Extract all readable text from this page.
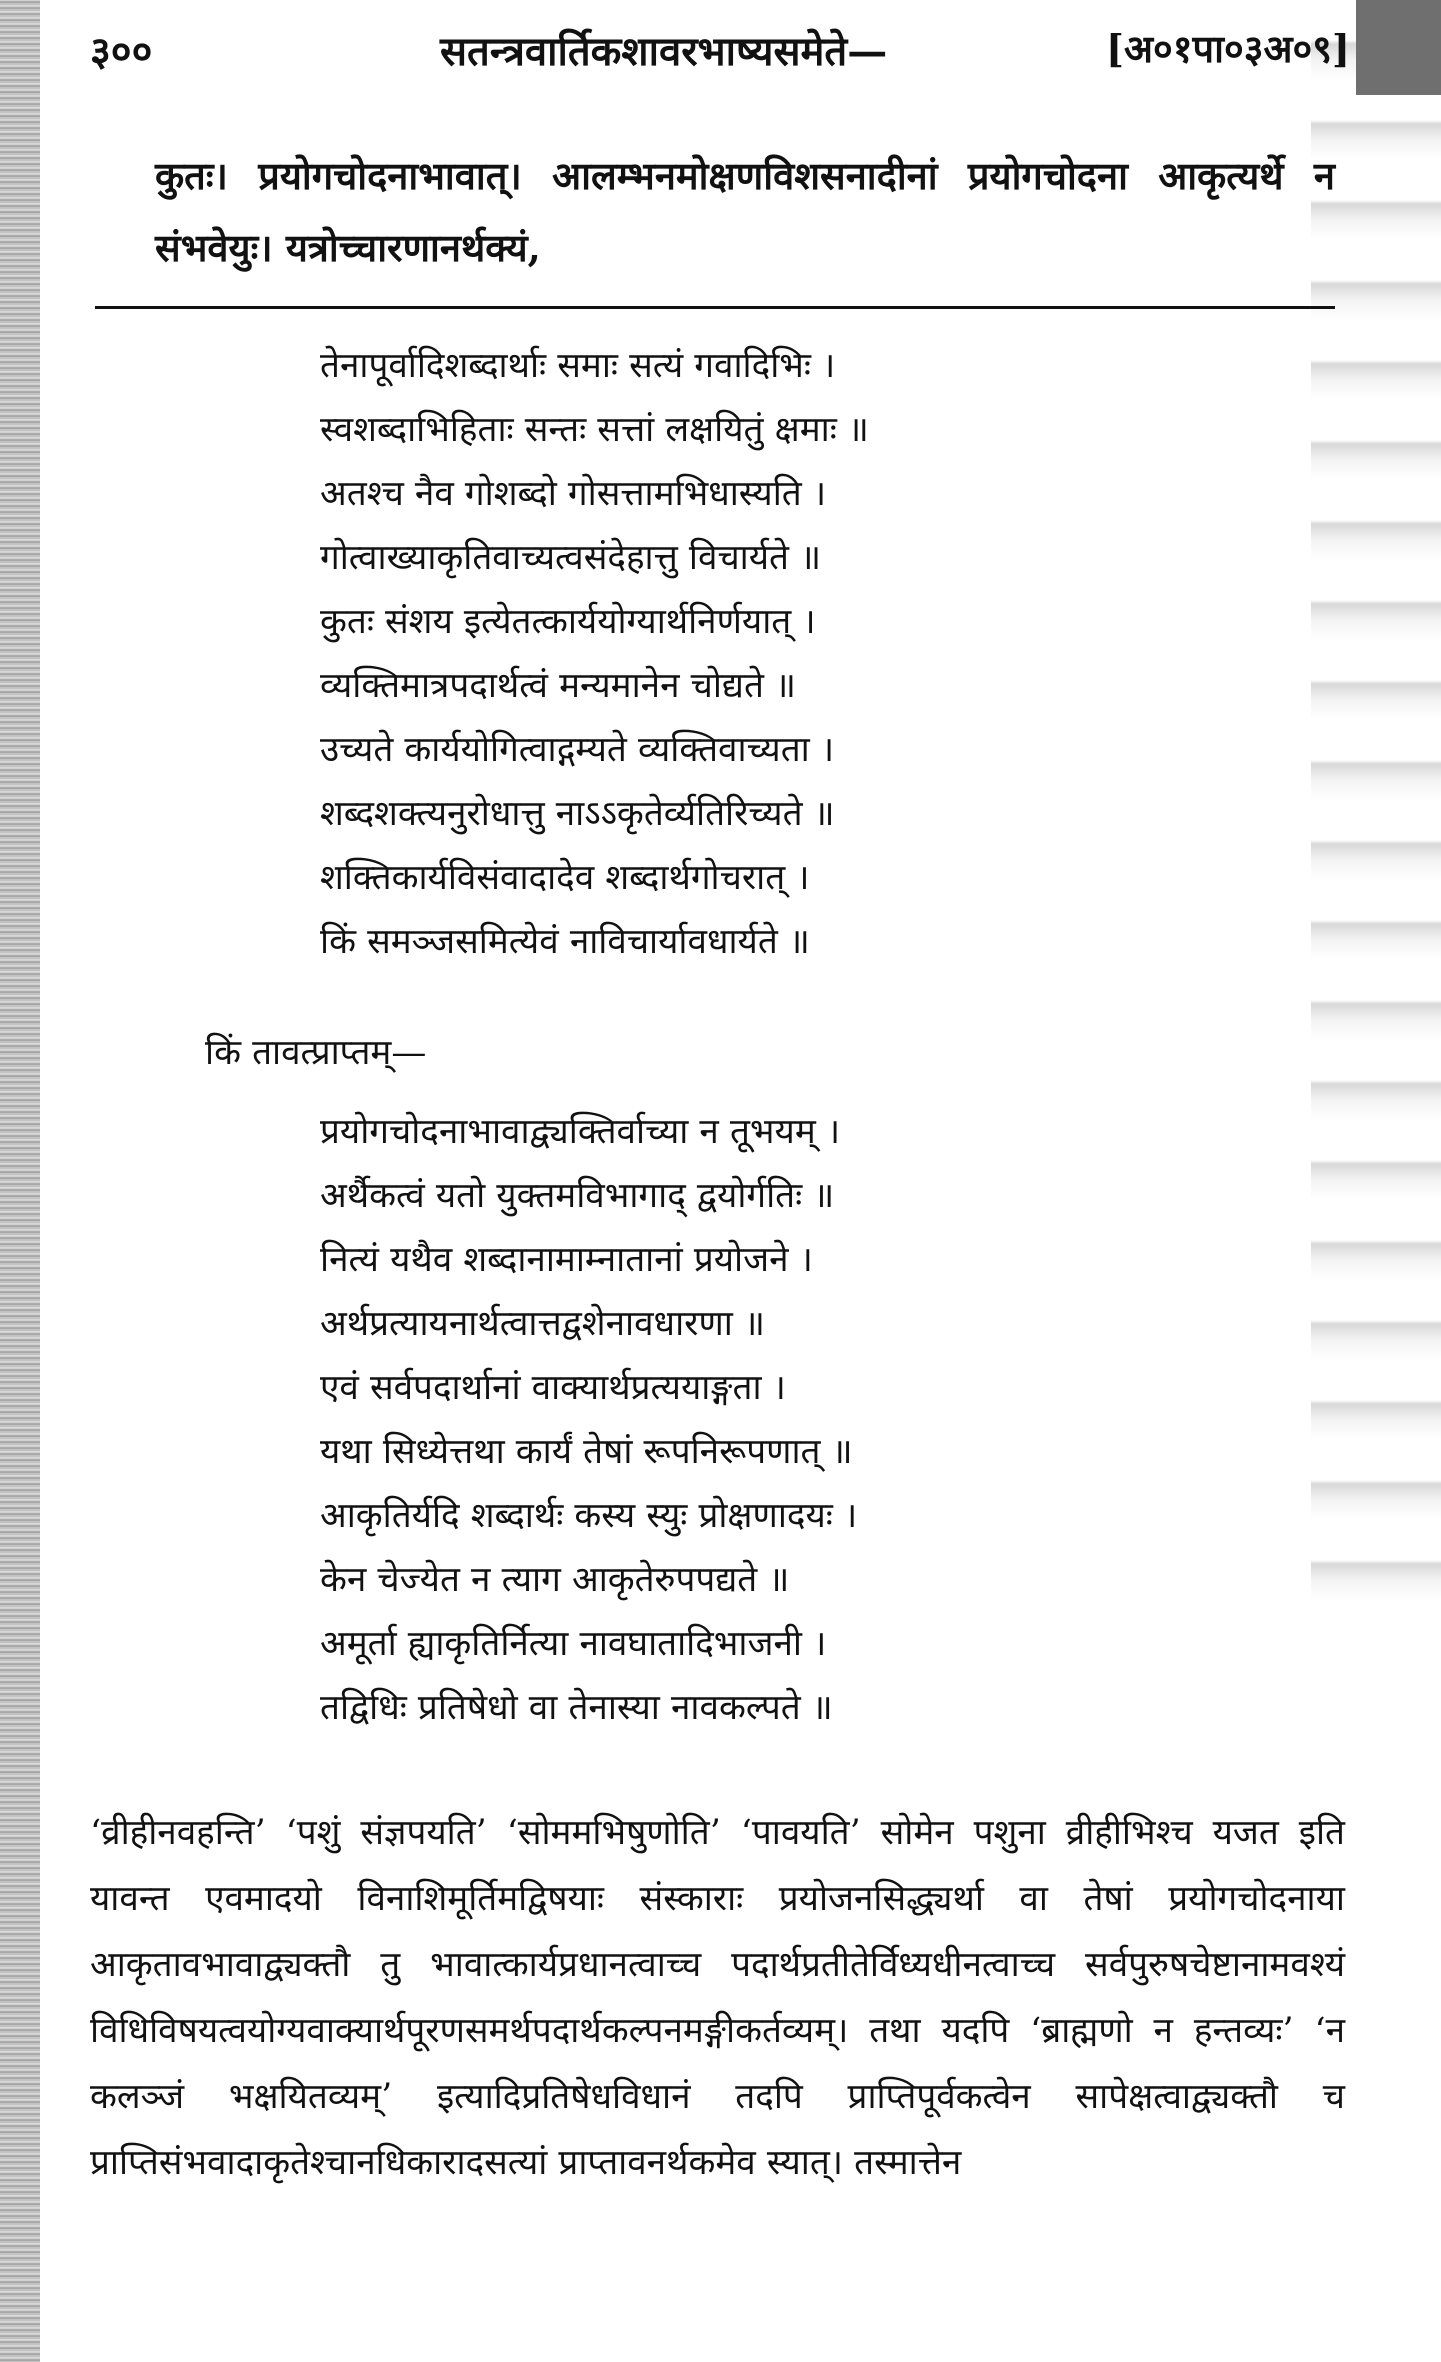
३००	सतन्त्रवार्तिकशावरभाष्यसमेते—	[अ०१पा०३अ०९]
कुतः। प्रयोगचोदनाभावात्। आलम्भनमोक्षणविशसनादीनां प्रयोगचोदना आकृत्यर्थे न संभवेयुः। यत्रोच्चारणानर्थक्यं,
तेनापूर्वादिशब्दार्थाः समाः सत्यं गवादिभिः ।
स्वशब्दाभिहिताः सन्तः सत्तां लक्षयितुं क्षमाः ॥
अतश्च नैव गोशब्दो गोसत्तामभिधास्यति ।
गोत्वाख्याकृतिवाच्यत्वसंदेहात्तु विचार्यते ॥
कुतः संशय इत्येतत्कार्ययोग्यार्थनिर्णयात् ।
व्यक्तिमात्रपदार्थत्वं मन्यमानेन चोद्यते ॥
उच्यते कार्ययोगित्वाद्गम्यते व्यक्तिवाच्यता ।
शब्दशक्त्यनुरोधात्तु नाऽऽकृतेर्व्यतिरिच्यते ॥
शक्तिकार्यविसंवादादेव शब्दार्थगोचरात् ।
किं समञ्जसमित्येवं नाविचार्यावधार्यते ॥
किं तावत्प्राप्तम्—
प्रयोगचोदनाभावाद्व्यक्तिर्वाच्या न तूभयम् ।
अर्थैकत्वं यतो युक्तमविभागाद् द्वयोर्गतिः ॥
नित्यं यथैव शब्दानामाम्नातानां प्रयोजने ।
अर्थप्रत्यायनार्थत्वात्तद्वशेनावधारणा ॥
एवं सर्वपदार्थानां वाक्यार्थप्रत्ययाङ्गता ।
यथा सिध्येत्तथा कार्यं तेषां रूपनिरूपणात् ॥
आकृतिर्यदि शब्दार्थः कस्य स्युः प्रोक्षणादयः ।
केन चेज्येत न त्याग आकृतेरुपपद्यते ॥
अमूर्ता ह्याकृतिर्नित्या नावघातादिभाजनी ।
तद्विधिः प्रतिषेधो वा तेनास्या नावकल्पते ॥
‘व्रीहीनवहन्ति’ ‘पशुं संज्ञपयति’ ‘सोममभिषुणोति’ ‘पावयति’ सोमेन पशुना व्रीहीभिश्च यजत इति यावन्त एवमादयो विनाशिमूर्तिमद्विषयाः संस्काराः प्रयोजनसिद्ध्यर्था वा तेषां प्रयोगचोदनाया आकृतावभावाद्व्यक्तौ तु भावात्कार्यप्रधानत्वाच्च पदार्थप्रतीतेर्विध्यधीनत्वाच्च सर्वपुरुषचेष्टानामवश्यं विधिविषयत्वयोग्यवाक्यार्थपूरणसमर्थपदार्थकल्पनमङ्गीकर्तव्यम्। तथा यदपि ‘ब्राह्मणो न हन्तव्यः’ ‘न कलञ्जं भक्षयितव्यम्’ इत्यादिप्रतिषेधविधानं तदपि प्राप्तिपूर्वकत्वेन सापेक्षत्वाद्व्यक्तौ च प्राप्तिसंभवादाकृतेश्चानधिकारादसत्यां प्राप्तावनर्थकमेव स्यात्। तस्मात्तेन
